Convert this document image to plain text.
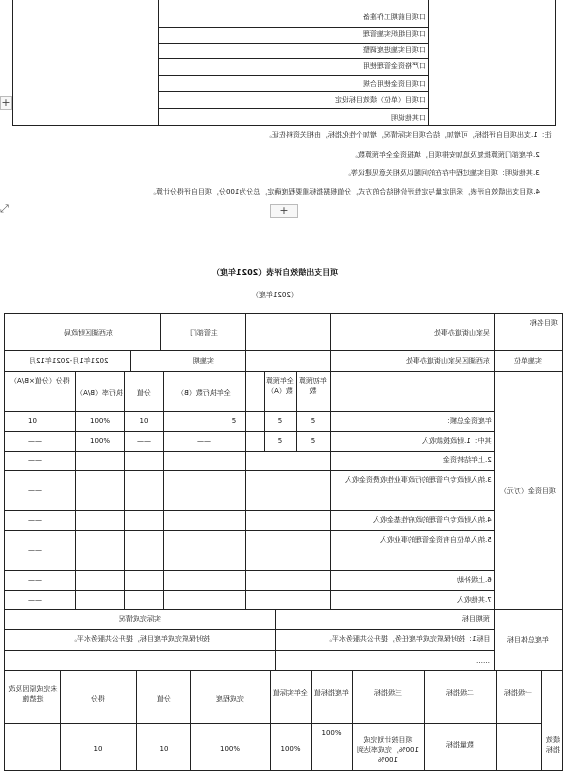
口项目前期工作准备
口项目组织实施管理
口项目实施进度调整
口严格资金管理使用
口项目资金使用合规
口项目（单位）绩效目标设定
口其他说明
+
注：1.支出项目自评指标，可增加，结合项目实际情况，增加个性化指标，由相关资料佐证。
2.年度部门预算批复及追加安排项目，填报资金全年预算数。
3.其他说明：项目实施过程中存在的问题以及相关意见建议等。
4.项目支出绩效自评表，采用定量与定性评价相结合的方式，分值根据指标重要程度确定，总分为100分，项目自评得分计算。
⤢	+
项目支出绩效自评表（2021年度）
（2021年度）
项目名称
吴家山街道办事处
主管部门
东西湖区财政局
实施单位
东西湖区吴家山街道办事处
实施期
2021年1月-2021年12月
年初预算数
全年预算数（A）
全年执行数（B）
分值
执行率（B/A）
得分（分值×B/A）
项目资金（万元）
年度资金总额：
5
5
5
10
100%
10
其中：1.财政拨款收入
5
5
——
——
100%
——
2.上年结转资金
——
3.纳入财政专户管理的行政事业性收费资金收入
——
4.纳入财政专户管理的政府性基金收入
——
5.纳入单位自有资金管理的事业收入
——
6.上级补助
——
7.其他收入
——
年度总体目标
预期目标
实际完成情况
目标1：按时保质完成年度任务，提升公共服务水平。
按时保质完成年度目标，提升公共服务水平。
……
绩效指标
一级指标
二级指标
三级指标
年度指标值
全年实际值
完成程度
分值
得分
未完成原因及改进措施
数量指标
项目按计划完成 100%，完成率达到100%
100%
100%
100%
10
10
